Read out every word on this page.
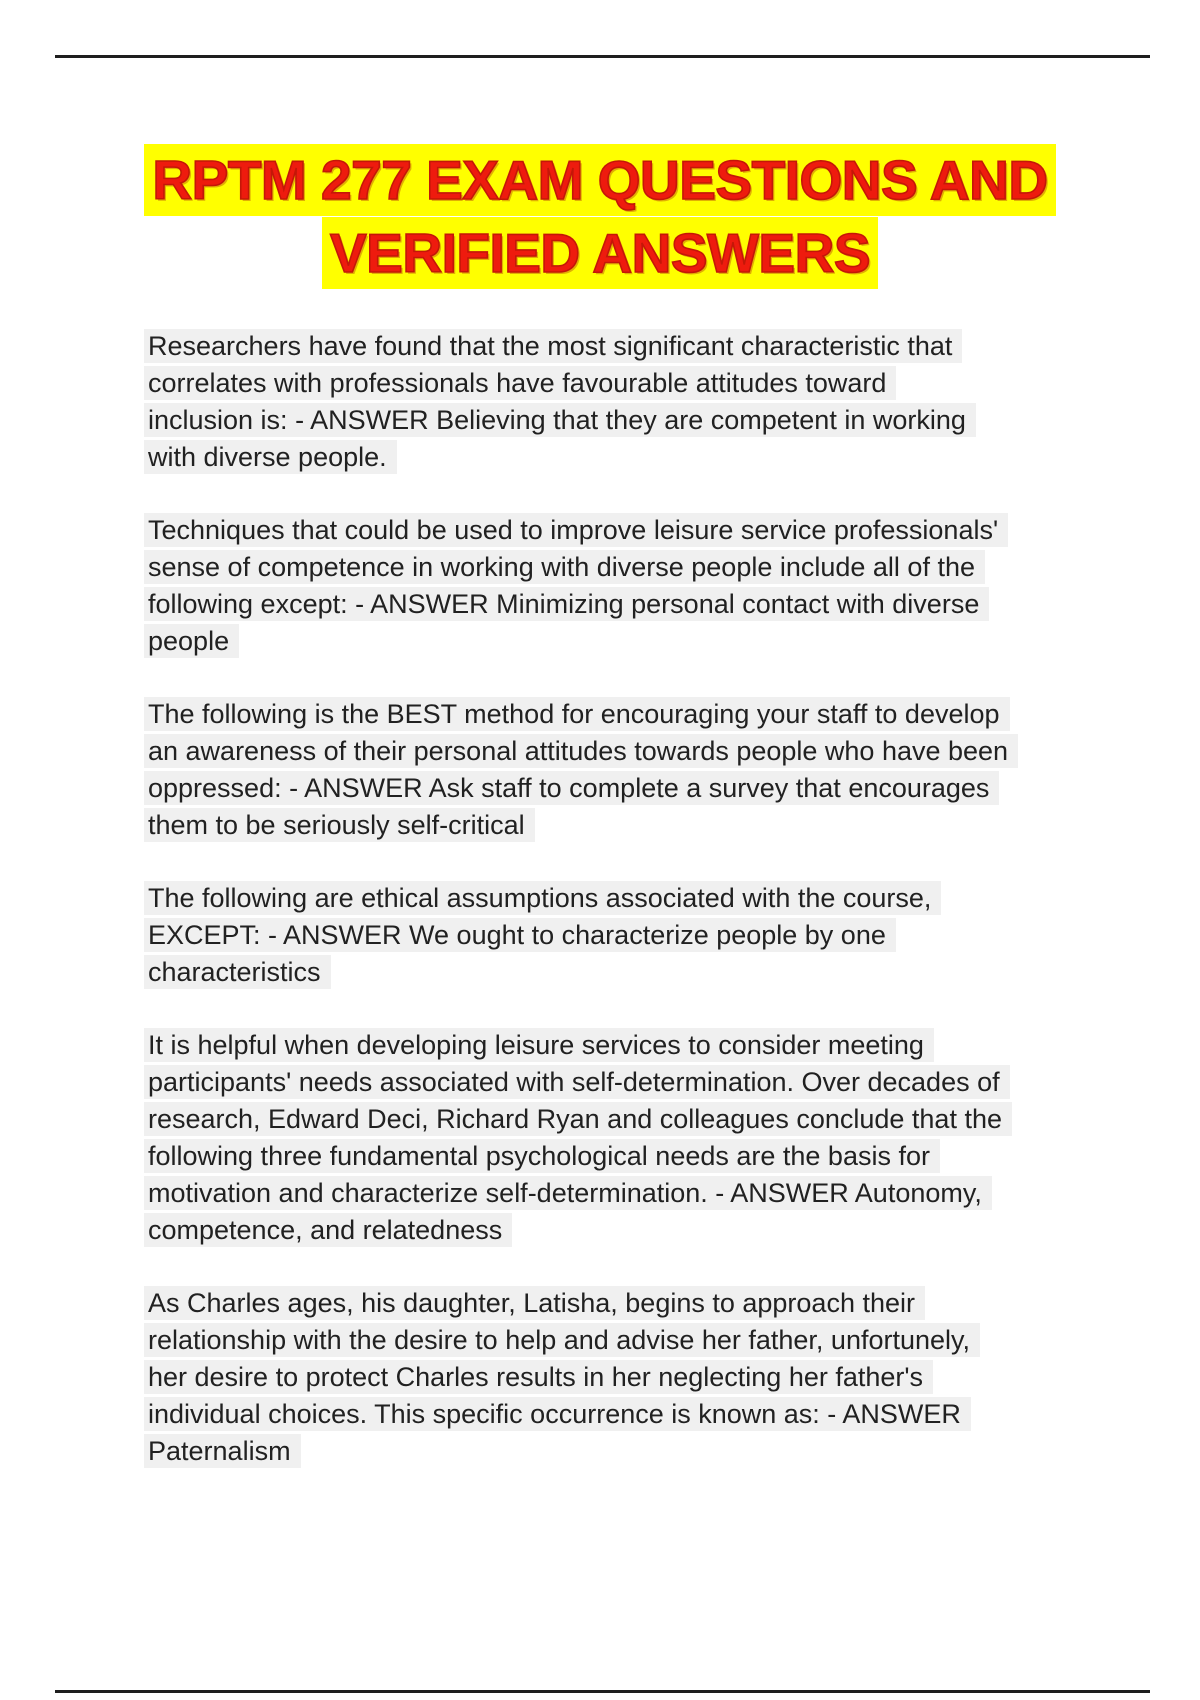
RPTM 277 EXAM QUESTIONS AND
VERIFIED ANSWERS
Researchers have found that the most significant characteristic that
correlates with professionals have favourable attitudes toward
inclusion is: - ANSWER Believing that they are competent in working
with diverse people.
Techniques that could be used to improve leisure service professionals'
sense of competence in working with diverse people include all of the
following except: - ANSWER Minimizing personal contact with diverse
people
The following is the BEST method for encouraging your staff to develop
an awareness of their personal attitudes towards people who have been
oppressed: - ANSWER Ask staff to complete a survey that encourages
them to be seriously self-critical
The following are ethical assumptions associated with the course,
EXCEPT: - ANSWER We ought to characterize people by one
characteristics
It is helpful when developing leisure services to consider meeting
participants' needs associated with self-determination. Over decades of
research, Edward Deci, Richard Ryan and colleagues conclude that the
following three fundamental psychological needs are the basis for
motivation and characterize self-determination. - ANSWER Autonomy,
competence, and relatedness
As Charles ages, his daughter, Latisha, begins to approach their
relationship with the desire to help and advise her father, unfortunely,
her desire to protect Charles results in her neglecting her father's
individual choices. This specific occurrence is known as: - ANSWER
Paternalism
